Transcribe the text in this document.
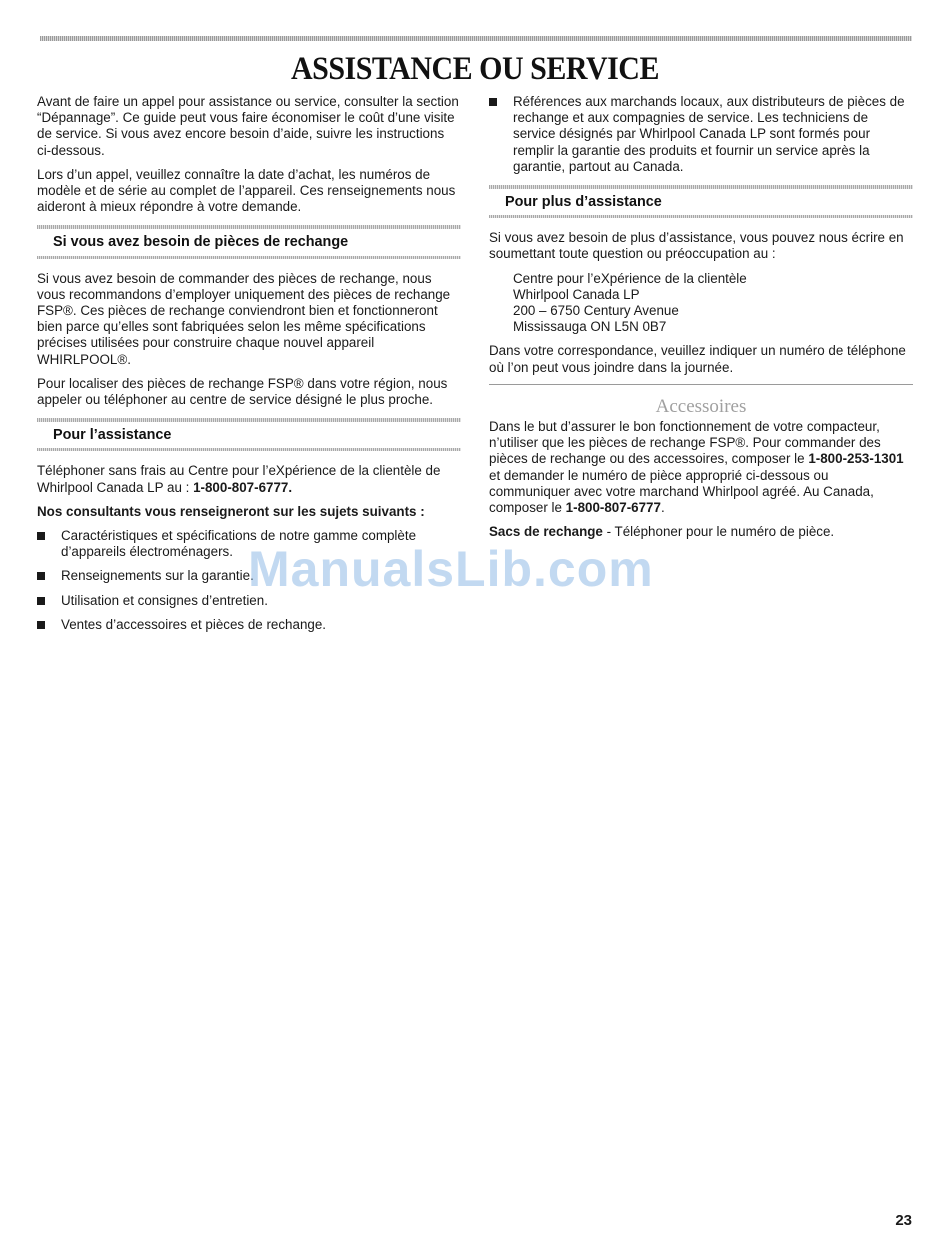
ASSISTANCE OU SERVICE

Avant de faire un appel pour assistance ou service, consulter la section “Dépannage”. Ce guide peut vous faire économiser le coût d’une visite de service. Si vous avez encore besoin d’aide, suivre les instructions ci-dessous.

Lors d’un appel, veuillez connaître la date d’achat, les numéros de modèle et de série au complet de l’appareil. Ces renseignements nous aideront à mieux répondre à votre demande.

Si vous avez besoin de pièces de rechange

Si vous avez besoin de commander des pièces de rechange, nous vous recommandons d’employer uniquement des pièces de rechange FSP®. Ces pièces de rechange conviendront bien et fonctionneront bien parce qu’elles sont fabriquées selon les même spécifications précises utilisées pour construire chaque nouvel appareil WHIRLPOOL®.

Pour localiser des pièces de rechange FSP® dans votre région, nous appeler ou téléphoner au centre de service désigné le plus proche.

Pour l’assistance

Téléphoner sans frais au Centre pour l’eXpérience de la clientèle de Whirlpool Canada LP au : 1-800-807-6777.

Nos consultants vous renseigneront sur les sujets suivants :

Caractéristiques et spécifications de notre gamme complète d’appareils électroménagers.
Renseignements sur la garantie.
Utilisation et consignes d’entretien.
Ventes d’accessoires et pièces de rechange.
Références aux marchands locaux, aux distributeurs de pièces de rechange et aux compagnies de service. Les techniciens de service désignés par Whirlpool Canada LP sont formés pour remplir la garantie des produits et fournir un service après la garantie, partout au Canada.
Pour plus d’assistance

Si vous avez besoin de plus d’assistance, vous pouvez nous écrire en soumettant toute question ou préoccupation au :

Centre pour l’eXpérience de la clientèle
Whirlpool Canada LP
200 – 6750 Century Avenue
Mississauga ON L5N 0B7

Dans votre correspondance, veuillez indiquer un numéro de téléphone où l’on peut vous joindre dans la journée.

Accessoires

Dans le but d’assurer le bon fonctionnement de votre compacteur, n’utiliser que les pièces de rechange FSP®. Pour commander des pièces de rechange ou des accessoires, composer le 1-800-253-1301 et demander le numéro de pièce approprié ci-dessous ou communiquer avec votre marchand Whirlpool agréé. Au Canada, composer le 1-800-807-6777.

Sacs de rechange - Téléphoner pour le numéro de pièce.

ManualsLib.com
23
